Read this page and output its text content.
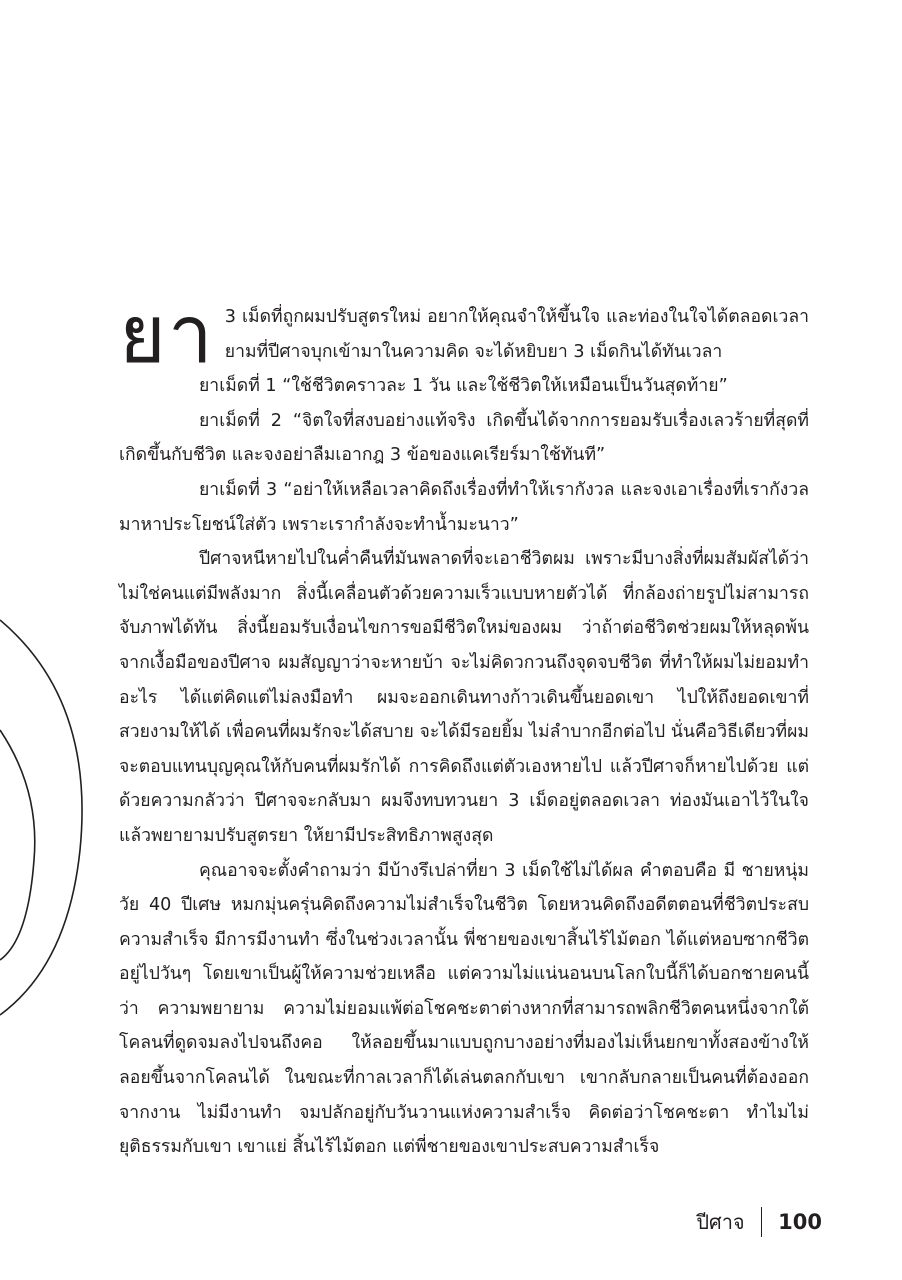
ยา 3 เม็ดที่ถูกผมปรับสูตรใหม่ อยากให้คุณจำให้ขึ้นใจ และท่องในใจได้ตลอดเวลา ยามที่ปีศาจบุกเข้ามาในความคิด จะได้หยิบยา 3 เม็ดกินได้ทันเวลา

ยาเม็ดที่ 1 “ใช้ชีวิตคราวละ 1 วัน และใช้ชีวิตให้เหมือนเป็นวันสุดท้าย”

ยาเม็ดที่ 2 “จิตใจที่สงบอย่างแท้จริง เกิดขึ้นได้จากการยอมรับเรื่องเลวร้ายที่สุดที่เกิดขึ้นกับชีวิต และจงอย่าลืมเอากฎ 3 ข้อของแคเรียร์มาใช้ทันที”

ยาเม็ดที่ 3 “อย่าให้เหลือเวลาคิดถึงเรื่องที่ทำให้เรากังวล และจงเอาเรื่องที่เรากังวลมาหาประโยชน์ใส่ตัว เพราะเรากำลังจะทำน้ำมะนาว”

ปีศาจหนีหายไปในค่ำคืนที่มันพลาดที่จะเอาชีวิตผม เพราะมีบางสิ่งที่ผมสัมผัสได้ว่า ไม่ใช่คนแต่มีพลังมาก สิ่งนี้เคลื่อนตัวด้วยความเร็วแบบหายตัวได้ ที่กล้องถ่ายรูปไม่สามารถจับภาพได้ทัน สิ่งนี้ยอมรับเงื่อนไขการขอมีชีวิตใหม่ของผม ว่าถ้าต่อชีวิตช่วยผมให้หลุดพ้นจากเงื้อมือของปีศาจ ผมสัญญาว่าจะหายบ้า จะไม่คิดวกวนถึงจุดจบชีวิต ที่ทำให้ผมไม่ยอมทำอะไร ได้แต่คิดแต่ไม่ลงมือทำ ผมจะออกเดินทางก้าวเดินขึ้นยอดเขา ไปให้ถึงยอดเขาที่สวยงามให้ได้ เพื่อคนที่ผมรักจะได้สบาย จะได้มีรอยยิ้ม ไม่ลำบากอีกต่อไป นั่นคือวิธีเดียวที่ผมจะตอบแทนบุญคุณให้กับคนที่ผมรักได้ การคิดถึงแต่ตัวเองหายไป แล้วปีศาจก็หายไปด้วย แต่ด้วยความกลัวว่า ปีศาจจะกลับมา ผมจึงทบทวนยา 3 เม็ดอยู่ตลอดเวลา ท่องมันเอาไว้ในใจ แล้วพยายามปรับสูตรยา ให้ยามีประสิทธิภาพสูงสุด

คุณอาจจะตั้งคำถามว่า มีบ้างรึเปล่าที่ยา 3 เม็ดใช้ไม่ได้ผล คำตอบคือ มี ชายหนุ่มวัย 40 ปีเศษ หมกมุ่นครุ่นคิดถึงความไม่สำเร็จในชีวิต โดยหวนคิดถึงอดีตตอนที่ชีวิตประสบความสำเร็จ มีการมีงานทำ ซึ่งในช่วงเวลานั้น พี่ชายของเขาสิ้นไร้ไม้ตอก ได้แต่หอบซากชีวิตอยู่ไปวันๆ โดยเขาเป็นผู้ให้ความช่วยเหลือ แต่ความไม่แน่นอนบนโลกใบนี้ก็ได้บอกชายคนนี้ว่า ความพยายาม ความไม่ยอมแพ้ต่อโชคชะตาต่างหากที่สามารถพลิกชีวิตคนหนึ่งจากใต้โคลนที่ดูดจมลงไปจนถึงคอ ให้ลอยขึ้นมาแบบถูกบางอย่างที่มองไม่เห็นยกขาทั้งสองข้างให้ลอยขึ้นจากโคลนได้ ในขณะที่กาลเวลาก็ได้เล่นตลกกับเขา เขากลับกลายเป็นคนที่ต้องออกจากงาน ไม่มีงานทำ จมปลักอยู่กับวันวานแห่งความสำเร็จ คิดต่อว่าโชคชะตา ทำไมไม่ยุติธรรมกับเขา เขาแย่ สิ้นไร้ไม้ตอก แต่พี่ชายของเขาประสบความสำเร็จ

ปีศาจ 100
